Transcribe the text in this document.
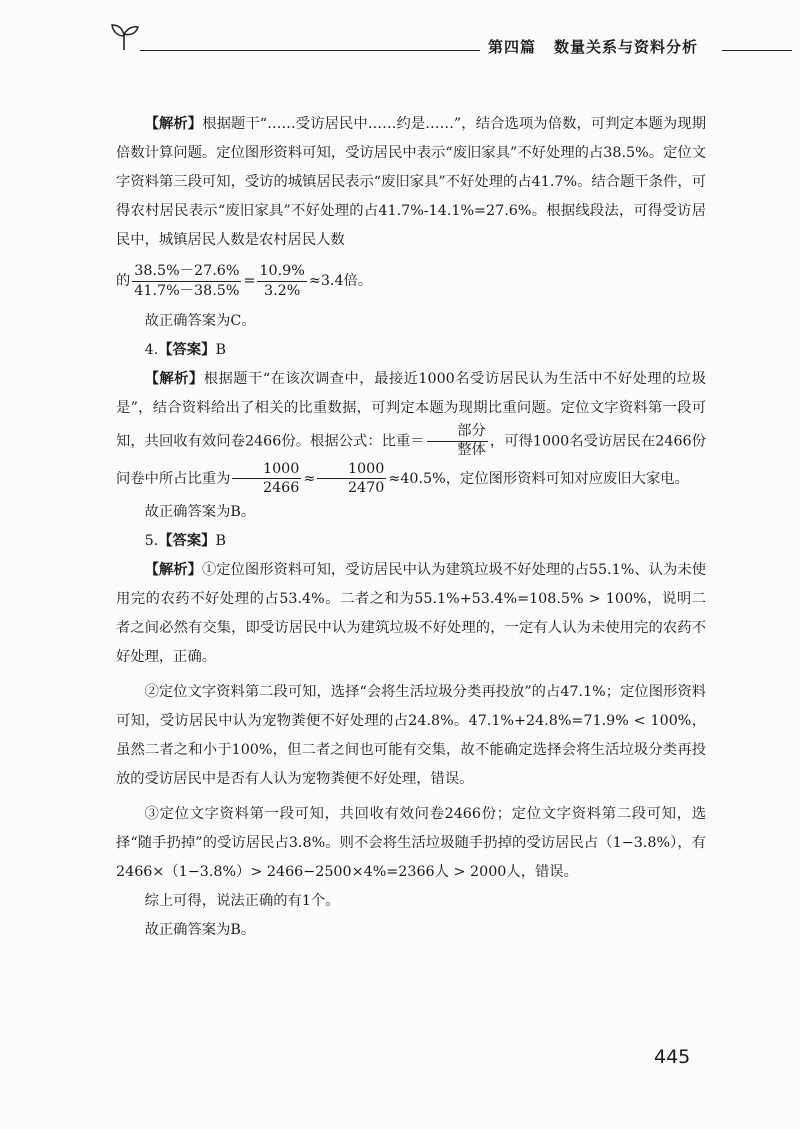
第四篇 数量关系与资料分析

【解析】根据题干“……受访居民中……约是……”，结合选项为倍数，可判定本题为现期倍数计算问题。定位图形资料可知，受访居民中表示“废旧家具”不好处理的占38.5%。定位文字资料第三段可知，受访的城镇居民表示“废旧家具”不好处理的占41.7%。结合题干条件，可得农村居民表示“废旧家具”不好处理的占41.7%-14.1%=27.6%。根据线段法，可得受访居民中，城镇居民人数是农村居民人数

的 $\frac{38.5\%-27.6\%}{41.7\%-38.5\%} = \frac{10.9\%}{3.2\%} \approx 3.4$倍。

故正确答案为C。

4.【答案】B

【解析】根据题干“在该次调查中，最接近1000名受访居民认为生活中不好处理的垃圾是”，结合资料给出了相关的比重数据，可判定本题为现期比重问题。定位文字资料第一段可知，共回收有效问卷2466份。根据公式：比重＝ $\frac{\text{部分}}{\text{整体}}$ ，可得1000名受访居民在2466份问卷中所占比重为 $\frac{1000}{2466} \approx \frac{1000}{2470} \approx 40.5\%$，定位图形资料可知对应废旧大家电。

故正确答案为B。

5.【答案】B

【解析】①定位图形资料可知，受访居民中认为建筑垃圾不好处理的占55.1%、认为未使用完的农药不好处理的占53.4%。二者之和为55.1%+53.4%=108.5% > 100%，说明二者之间必然有交集，即受访居民中认为建筑垃圾不好处理的，一定有人认为未使用完的农药不好处理，正确。

②定位文字资料第二段可知，选择“会将生活垃圾分类再投放”的占47.1%；定位图形资料可知，受访居民中认为宠物粪便不好处理的占24.8%。47.1%+24.8%=71.9% < 100%，虽然二者之和小于100%，但二者之间也可能有交集，故不能确定选择会将生活垃圾分类再投放的受访居民中是否有人认为宠物粪便不好处理，错误。

③定位文字资料第一段可知，共回收有效问卷2466份；定位文字资料第二段可知，选择“随手扔掉”的受访居民占3.8%。则不会将生活垃圾随手扔掉的受访居民占（1−3.8%），有2466×（1−3.8%）> 2466−2500×4%=2366人 > 2000人，错误。

综上可得，说法正确的有1个。

故正确答案为B。

445
